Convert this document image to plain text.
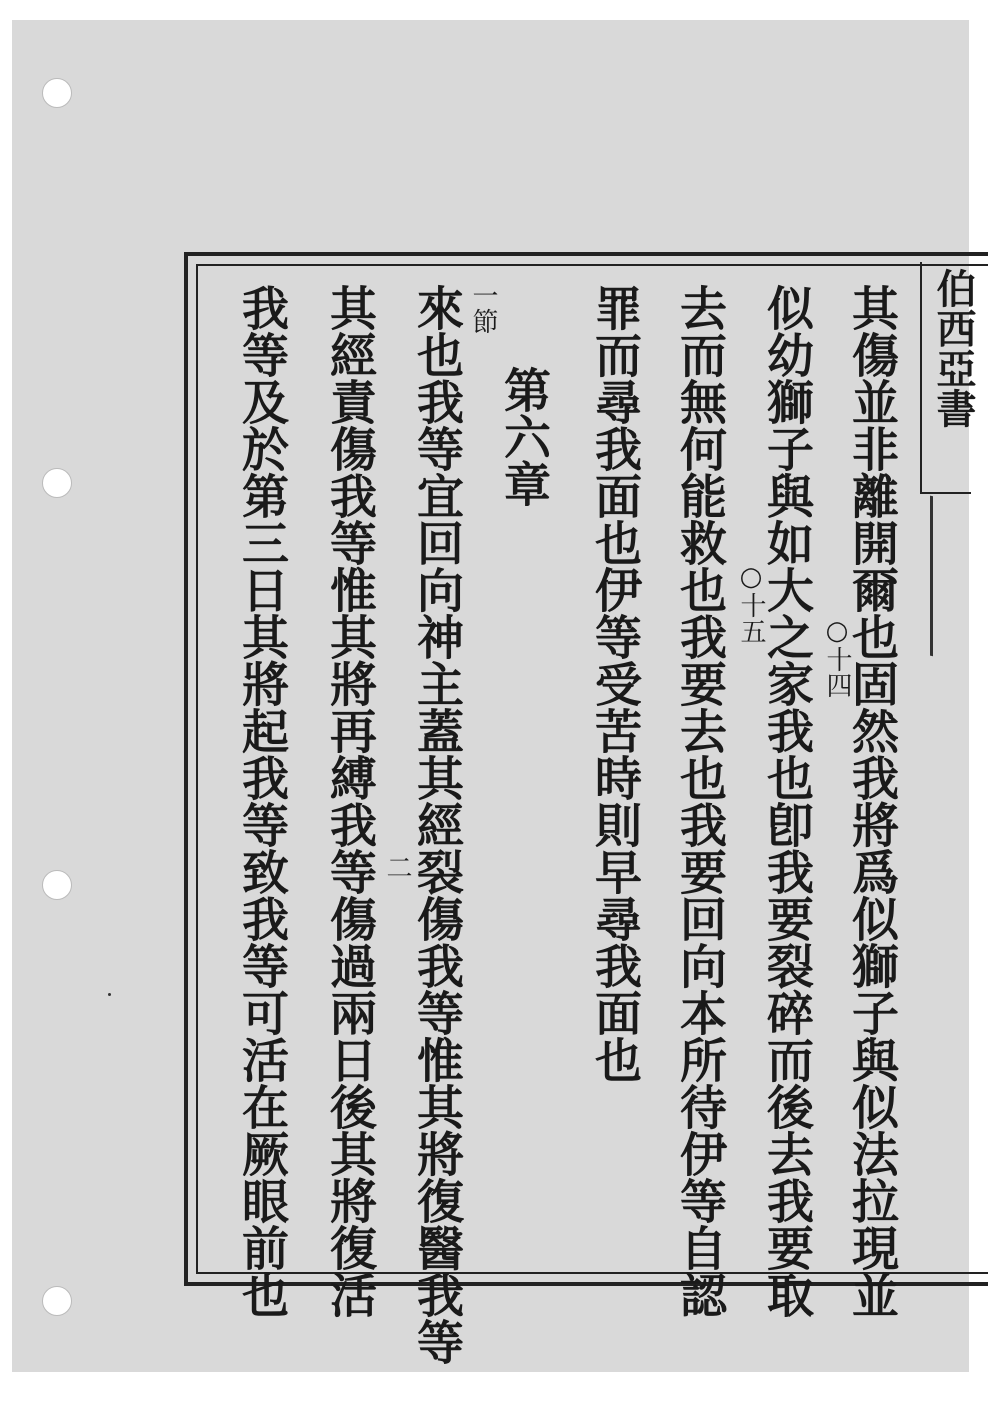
其傷並非離開爾也固然我將爲似獅子與似法拉現並
○十四
似幼獅子與如大之家我也卽我要裂碎而後去我要取
去而無何能救也我要去也我要回向本所待伊等自認 ○十五
罪而尋我面也伊等受苦時則早尋我面也
第六章
來也我等宜回向神主蓋其經裂傷我等惟其將復醫我等 一節
其經責傷我等惟其將再縛我等傷過兩日後其將復活 二
我等及於第三日其將起我等致我等可活在厥眼前也	伯西亞書
